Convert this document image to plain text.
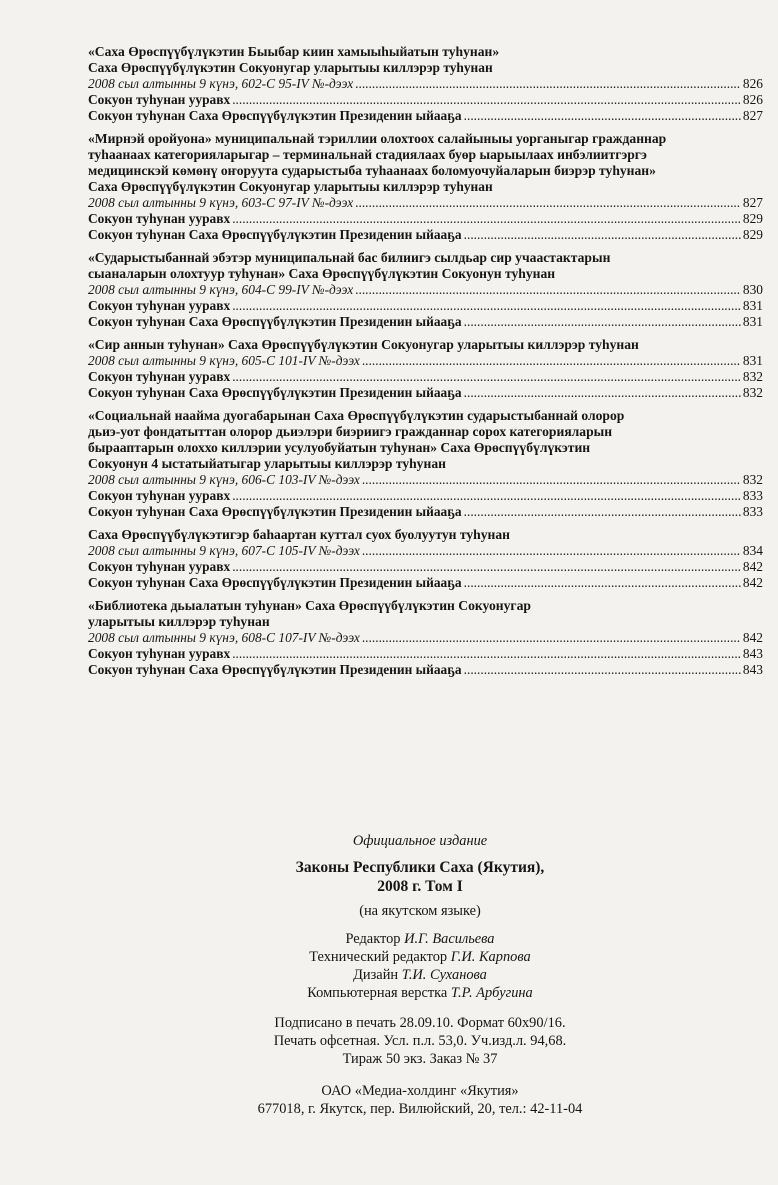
«Саха Өрөспүүбүлүкэтин Быыбар киин хамыыһыйатын туһунан»
Саха Өрөспүүбүлүкэтин Сокуонугар уларытыы киллэрэр туһунан
2008 сыл алтынны 9 күнэ, 602-С 95-IV №-дээх .....	826
Сокуон туһунан ууравх .....	826
Сокуон туһунан Саха Өрөспүүбүлүкэтин Президенин ыйааҕа .....	827
«Мирнэй оройуона» муниципальнай тэриллии олохтоох салайыныы уорганыгар гражданнар
туһаанаах категорияларыгар – терминальнай стадиялаах буөр ыарыылаах инбэлиитгэргэ
медицинскэй көмөнү оҥоруута сударыстыба туһаанаах боломуочуйаларын биэрэр туһунан»
Саха Өрөспүүбүлүкэтин Сокуонугар уларытыы киллэрэр туһунан
2008 сыл алтынны 9 күнэ, 603-С 97-IV №-дээх .....	827
Сокуон туһунан ууравх .....	829
Сокуон туһунан Саха Өрөспүүбүлүкэтин Президенин ыйааҕа .....	829
«Сударыстыбаннай эбэтэр муниципальнай бас билиигэ сылдьар сир учаастактарын
сыаналарын олохтуур туһунан» Саха Өрөспүүбүлүкэтин Сокуонун туһунан
2008 сыл алтынны 9 күнэ, 604-С 99-IV №-дээх .....	830
Сокуон туһунан ууравх .....	831
Сокуон туһунан Саха Өрөспүүбүлүкэтин Президенин ыйааҕа .....	831
«Сир аннын туһунан» Саха Өрөспүүбүлүкэтин Сокуонугар уларытыы киллэрэр туһунан
2008 сыл алтынны 9 күнэ, 605-С 101-IV №-дээх .....	831
Сокуон туһунан ууравх .....	832
Сокуон туһунан Саха Өрөспүүбүлүкэтин Президенин ыйааҕа .....	832
«Социальнай наайма дуогабарынан Саха Өрөспүүбүлүкэтин сударыстыбаннай олорор
дьиэ-уот фондатыттан олорор дьиэлэри биэриигэ гражданнар сорох категорияларын
бырааптарын олоххо киллэрии усулуобуйатын туһунан» Саха Өрөспүүбүлүкэтин
Сокуонун 4 ыстатыйатыгар уларытыы киллэрэр туһунан
2008 сыл алтынны 9 күнэ, 606-С 103-IV №-дээх .....	832
Сокуон туһунан ууравх .....	833
Сокуон туһунан Саха Өрөспүүбүлүкэтин Президенин ыйааҕа .....	833
Саха Өрөспүүбүлүкэтигэр баһаартан куттал суох буолуутун туһунан
2008 сыл алтынны 9 күнэ, 607-С 105-IV №-дээх .....	834
Сокуон туһунан ууравх .....	842
Сокуон туһунан Саха Өрөспүүбүлүкэтин Президенин ыйааҕа .....	842
«Библиотека дьыалатын туһунан» Саха Өрөспүүбүлүкэтин Сокуонугар
уларытыы киллэрэр туһунан
2008 сыл алтынны 9 күнэ, 608-С 107-IV №-дээх .....	842
Сокуон туһунан ууравх .....	843
Сокуон туһунан Саха Өрөспүүбүлүкэтин Президенин ыйааҕа .....	843
Официальное издание
Законы Республики Саха (Якутия),
2008 г. Том I
(на якутском языке)
Редактор И.Г. Васильева
Технический редактор Г.И. Карпова
Дизайн Т.И. Суханова
Компьютерная верстка Т.Р. Арбугина
Подписано в печать 28.09.10. Формат 60x90/16.
Печать офсетная. Усл. п.л. 53,0. Уч.изд.л. 94,68.
Тираж 50 экз. Заказ № 37
ОАО «Медиа-холдинг «Якутия»
677018, г. Якутск, пер. Вилюйский, 20, тел.: 42-11-04
